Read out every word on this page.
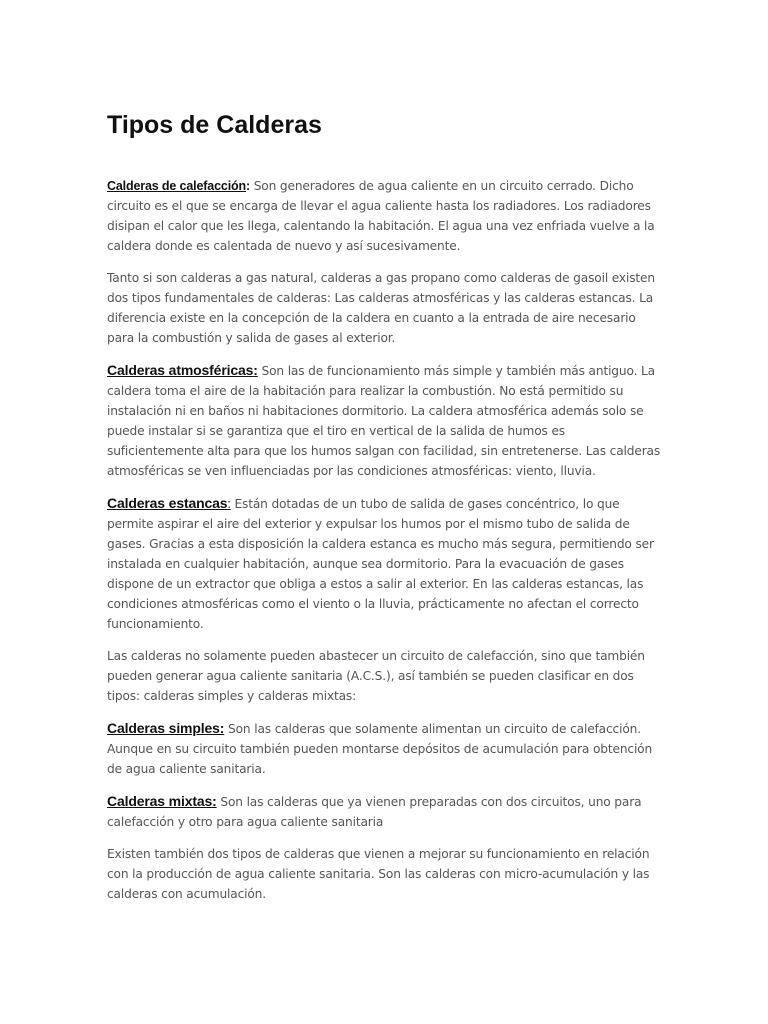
Tipos de Calderas

Calderas de calefacción: Son generadores de agua caliente en un circuito cerrado. Dicho circuito es el que se encarga de llevar el agua caliente hasta los radiadores. Los radiadores disipan el calor que les llega, calentando la habitación. El agua una vez enfriada vuelve a la caldera donde es calentada de nuevo y así sucesivamente.

Tanto si son calderas a gas natural, calderas a gas propano como calderas de gasoil existen dos tipos fundamentales de calderas: Las calderas atmosféricas y las calderas estancas. La diferencia existe en la concepción de la caldera en cuanto a la entrada de aire necesario para la combustión y salida de gases al exterior.

Calderas atmosféricas: Son las de funcionamiento más simple y también más antiguo. La caldera toma el aire de la habitación para realizar la combustión. No está permitido su instalación ni en baños ni habitaciones dormitorio. La caldera atmosférica además solo se puede instalar si se garantiza que el tiro en vertical de la salida de humos es suficientemente alta para que los humos salgan con facilidad, sin entretenerse. Las calderas atmosféricas se ven influenciadas por las condiciones atmosféricas: viento, lluvia.

Calderas estancas: Están dotadas de un tubo de salida de gases concéntrico, lo que permite aspirar el aire del exterior y expulsar los humos por el mismo tubo de salida de gases. Gracias a esta disposición la caldera estanca es mucho más segura, permitiendo ser instalada en cualquier habitación, aunque sea dormitorio. Para la evacuación de gases dispone de un extractor que obliga a estos a salir al exterior. En las calderas estancas, las condiciones atmosféricas como el viento o la lluvia, prácticamente no afectan el correcto funcionamiento.

Las calderas no solamente pueden abastecer un circuito de calefacción, sino que también pueden generar agua caliente sanitaria (A.C.S.), así también se pueden clasificar en dos tipos: calderas simples y calderas mixtas:

Calderas simples: Son las calderas que solamente alimentan un circuito de calefacción. Aunque en su circuito también pueden montarse depósitos de acumulación para obtención de agua caliente sanitaria.

Calderas mixtas: Son las calderas que ya vienen preparadas con dos circuitos, uno para calefacción y otro para agua caliente sanitaria

Existen también dos tipos de calderas que vienen a mejorar su funcionamiento en relación con la producción de agua caliente sanitaria. Son las calderas con micro-acumulación y las calderas con acumulación.
